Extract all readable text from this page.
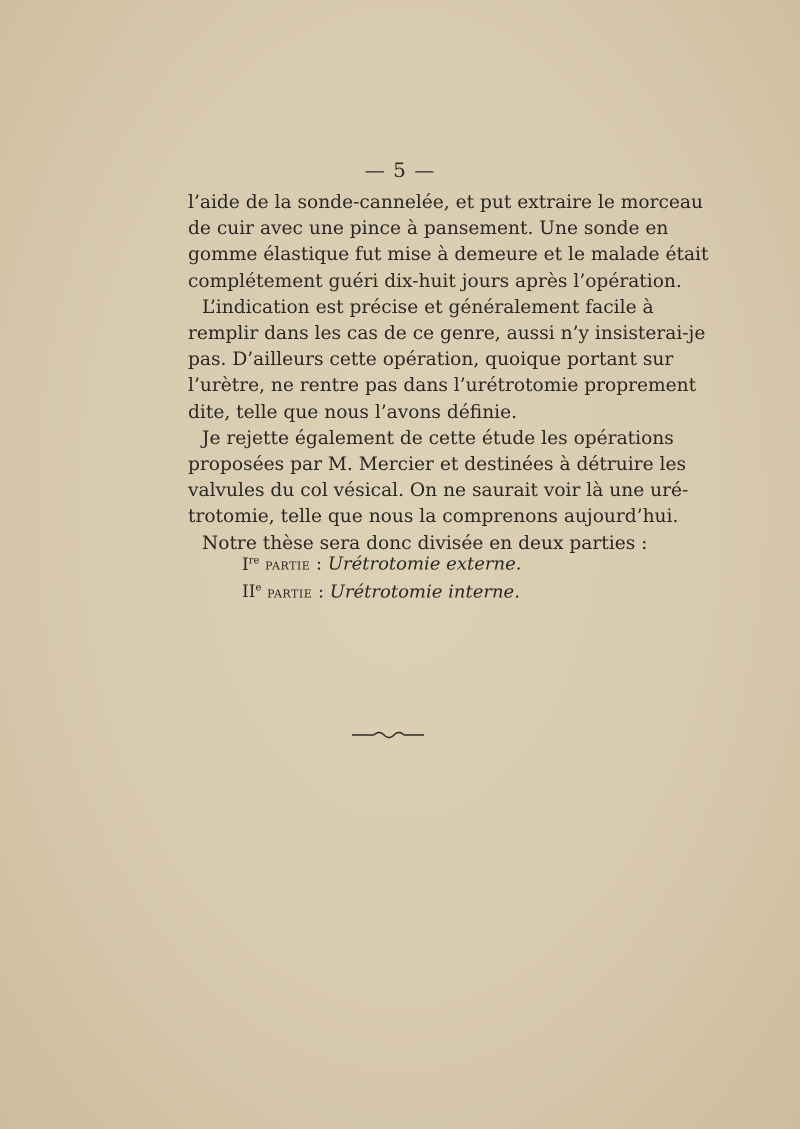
— 5 —
l’aide de la sonde-cannelée, et put extraire le morceau
de cuir avec une pince à pansement. Une sonde en
gomme élastique fut mise à demeure et le malade était
complétement guéri dix-huit jours après l’opération.
L’indication est précise et généralement facile à
remplir dans les cas de ce genre, aussi n’y insisterai-je
pas. D’ailleurs cette opération, quoique portant sur
l’urètre, ne rentre pas dans l’urétrotomie proprement
dite, telle que nous l’avons définie.
Je rejette également de cette étude les opérations
proposées par M. Mercier et destinées à détruire les
valvules du col vésical. On ne saurait voir là une uré-
trotomie, telle que nous la comprenons aujourd’hui.
Notre thèse sera donc divisée en deux parties :
Ire partie : Urétrotomie externe.
IIe partie : Urétrotomie interne.
